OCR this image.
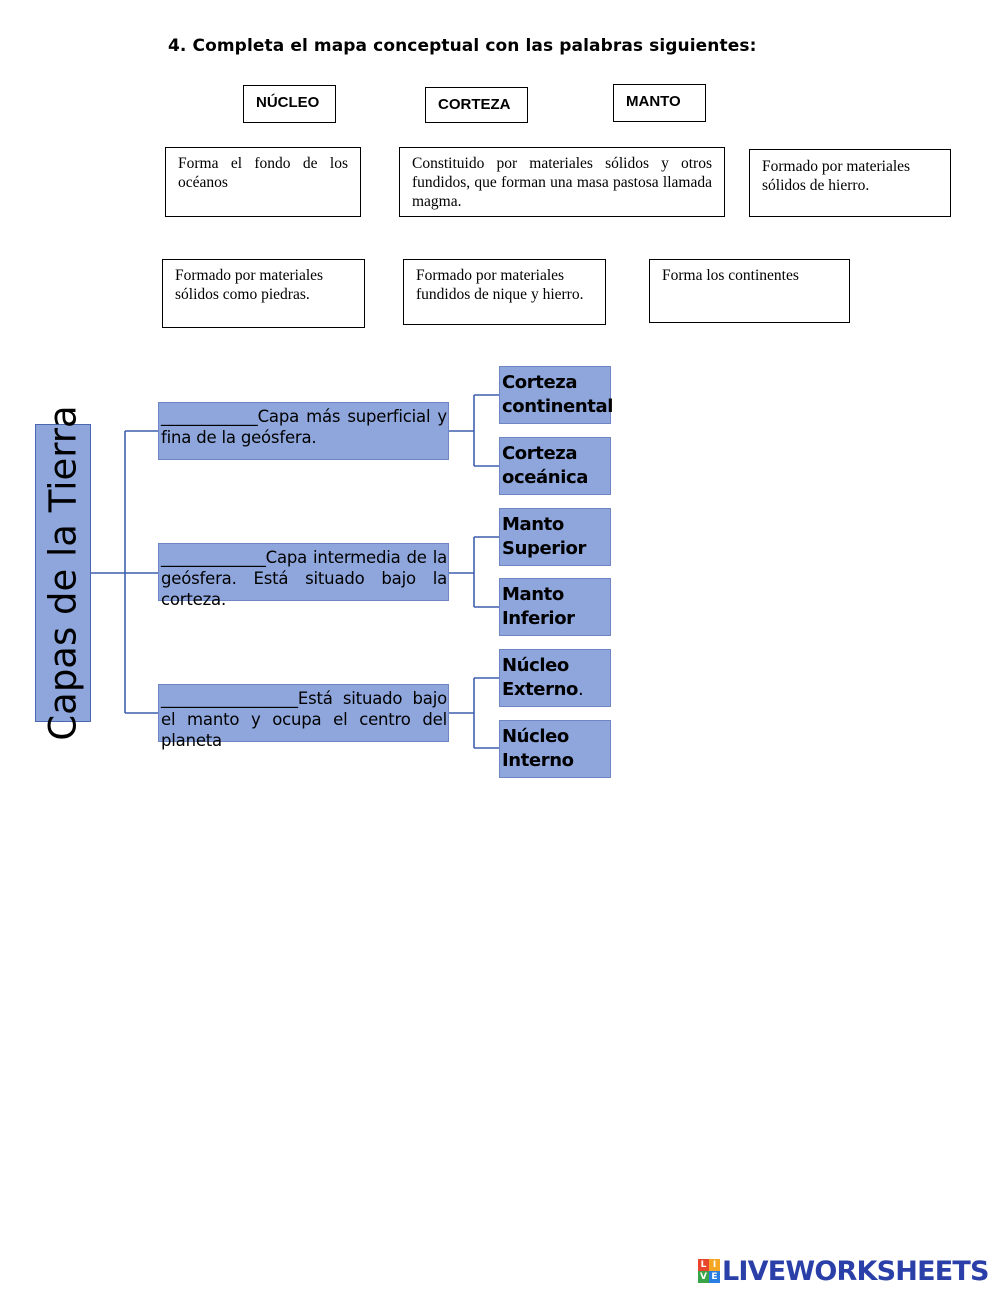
4. Completa el mapa conceptual con las palabras siguientes:
NÚCLEO	CORTEZA	MANTO
Forma el fondo de los océanos
Constituido por materiales sólidos y otros fundidos, que forman una masa pastosa llamada magma.
Formado por materiales sólidos de hierro.
Formado por materiales sólidos como piedras.
Formado por materiales fundidos de nique y hierro.
Forma los continentes
Capas de la Tierra	____________Capa más superficial y fina de la geósfera.
_____________Capa intermedia de la geósfera. Está situado bajo la corteza.
_________________Está situado bajo el manto y ocupa el centro del planeta
Corteza continental
Corteza oceánica
Manto Superior
Manto Inferior
Núcleo Externo.
Núcleo Interno
L I
V E LIVEWORKSHEETS
